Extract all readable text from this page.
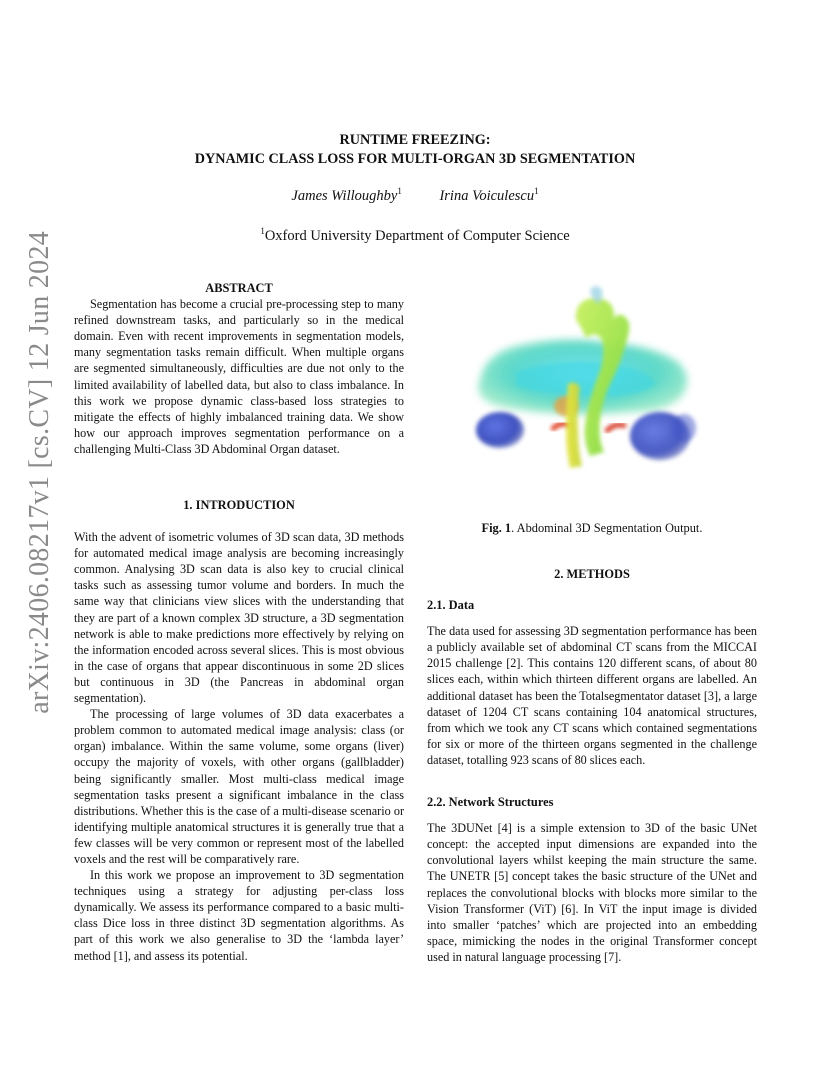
arXiv:2406.08217v1 [cs.CV] 12 Jun 2024
RUNTIME FREEZING:
DYNAMIC CLASS LOSS FOR MULTI-ORGAN 3D SEGMENTATION
James Willoughby$^1$	Irina Voiculescu$^1$
$^1$Oxford University Department of Computer Science
ABSTRACT

Segmentation has become a crucial pre-processing step to many refined downstream tasks, and particularly so in the medical domain. Even with recent improvements in segmentation models, many segmentation tasks remain difficult. When multiple organs are segmented simultaneously, difficulties are due not only to the limited availability of labelled data, but also to class imbalance. In this work we propose dynamic class-based loss strategies to mitigate the effects of highly imbalanced training data. We show how our approach improves segmentation performance on a challenging Multi-Class 3D Abdominal Organ dataset.

1. INTRODUCTION

With the advent of isometric volumes of 3D scan data, 3D methods for automated medical image analysis are becoming increasingly common. Analysing 3D scan data is also key to crucial clinical tasks such as assessing tumor volume and borders. In much the same way that clinicians view slices with the understanding that they are part of a known complex 3D structure, a 3D segmentation network is able to make predictions more effectively by relying on the information encoded across several slices. This is most obvious in the case of organs that appear discontinuous in some 2D slices but continuous in 3D (the Pancreas in abdominal organ segmentation).

The processing of large volumes of 3D data exacerbates a problem common to automated medical image analysis: class (or organ) imbalance. Within the same volume, some organs (liver) occupy the majority of voxels, with other organs (gallbladder) being significantly smaller. Most multi-class medical image segmentation tasks present a significant imbalance in the class distributions. Whether this is the case of a multi-disease scenario or identifying multiple anatomical structures it is generally true that a few classes will be very common or represent most of the labelled voxels and the rest will be comparatively rare.

In this work we propose an improvement to 3D segmentation techniques using a strategy for adjusting per-class loss dynamically. We assess its performance compared to a basic multi-class Dice loss in three distinct 3D segmentation algorithms. As part of this work we also generalise to 3D the ‘lambda layer’ method [1], and assess its potential.

Fig. 1. Abdominal 3D Segmentation Output.
2. METHODS
2.1. Data

The data used for assessing 3D segmentation performance has been a publicly available set of abdominal CT scans from the MICCAI 2015 challenge [2]. This contains 120 different scans, of about 80 slices each, within which thirteen different organs are labelled. An additional dataset has been the Totalsegmentator dataset [3], a large dataset of 1204 CT scans containing 104 anatomical structures, from which we took any CT scans which contained segmentations for six or more of the thirteen organs segmented in the challenge dataset, totalling 923 scans of 80 slices each.

2.2. Network Structures

The 3DUNet [4] is a simple extension to 3D of the basic UNet concept: the accepted input dimensions are expanded into the convolutional layers whilst keeping the main structure the same. The UNETR [5] concept takes the basic structure of the UNet and replaces the convolutional blocks with blocks more similar to the Vision Transformer (ViT) [6]. In ViT the input image is divided into smaller ‘patches’ which are projected into an embedding space, mimicking the nodes in the original Transformer concept used in natural language processing [7].
